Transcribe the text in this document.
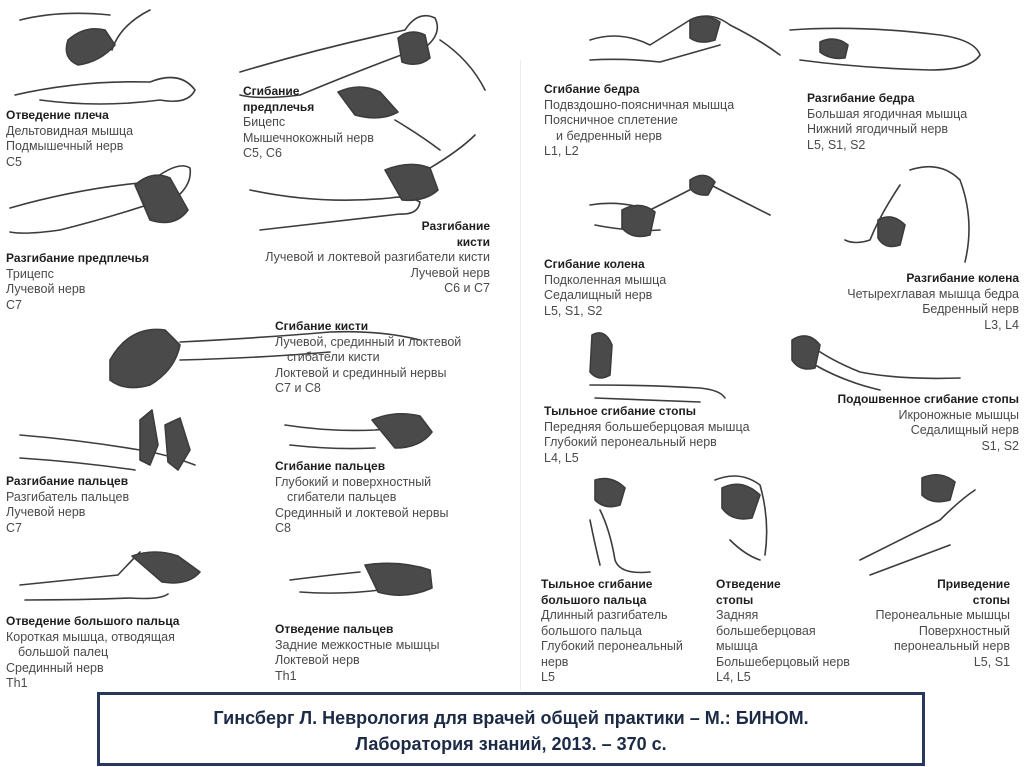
Отведение плеча
Дельтовидная мышца
Подмышечный нерв
C5
Сгибание
предплечья
Бицепс
Мышечнокожный нерв
C5, C6
Разгибание предплечья
Трицепс
Лучевой нерв
C7
Разгибание
кисти
Лучевой и локтевой разгибатели кисти
Лучевой нерв
C6 и C7
Сгибание кисти
Лучевой, срединный и локтевой
сгибатели кисти
Локтевой и срединный нервы
C7 и C8
Разгибание пальцев
Разгибатель пальцев
Лучевой нерв
C7
Сгибание пальцев
Глубокий и поверхностный
сгибатели пальцев
Срединный и локтевой нервы
C8
Отведение большого пальца
Короткая мышца, отводящая
большой палец
Срединный нерв
Th1
Отведение пальцев
Задние межкостные мышцы
Локтевой нерв
Th1
Сгибание бедра
Подвздошно-поясничная мышца
Поясничное сплетение
и бедренный нерв
L1, L2
Разгибание бедра
Большая ягодичная мышца
Нижний ягодичный нерв
L5, S1, S2
Сгибание колена
Подколенная мышца
Седалищный нерв
L5, S1, S2
Разгибание колена
Четырехглавая мышца бедра
Бедренный нерв
L3, L4
Тыльное сгибание стопы
Передняя большеберцовая мышца
Глубокий перонеальный нерв
L4, L5
Подошвенное сгибание стопы
Икроножные мышцы
Седалищный нерв
S1, S2
Тыльное сгибание
большого пальца
Длинный разгибатель
большого пальца
Глубокий перонеальный
нерв
L5
Отведение
стопы
Задняя
большеберцовая
мышца
Большеберцовый нерв
L4, L5
Приведение
стопы
Перонеальные мышцы
Поверхностный
перонеальный нерв
L5, S1
Гинсберг Л. Неврология для врачей общей практики – М.: БИНОМ.
Лаборатория знаний, 2013. – 370 с.
